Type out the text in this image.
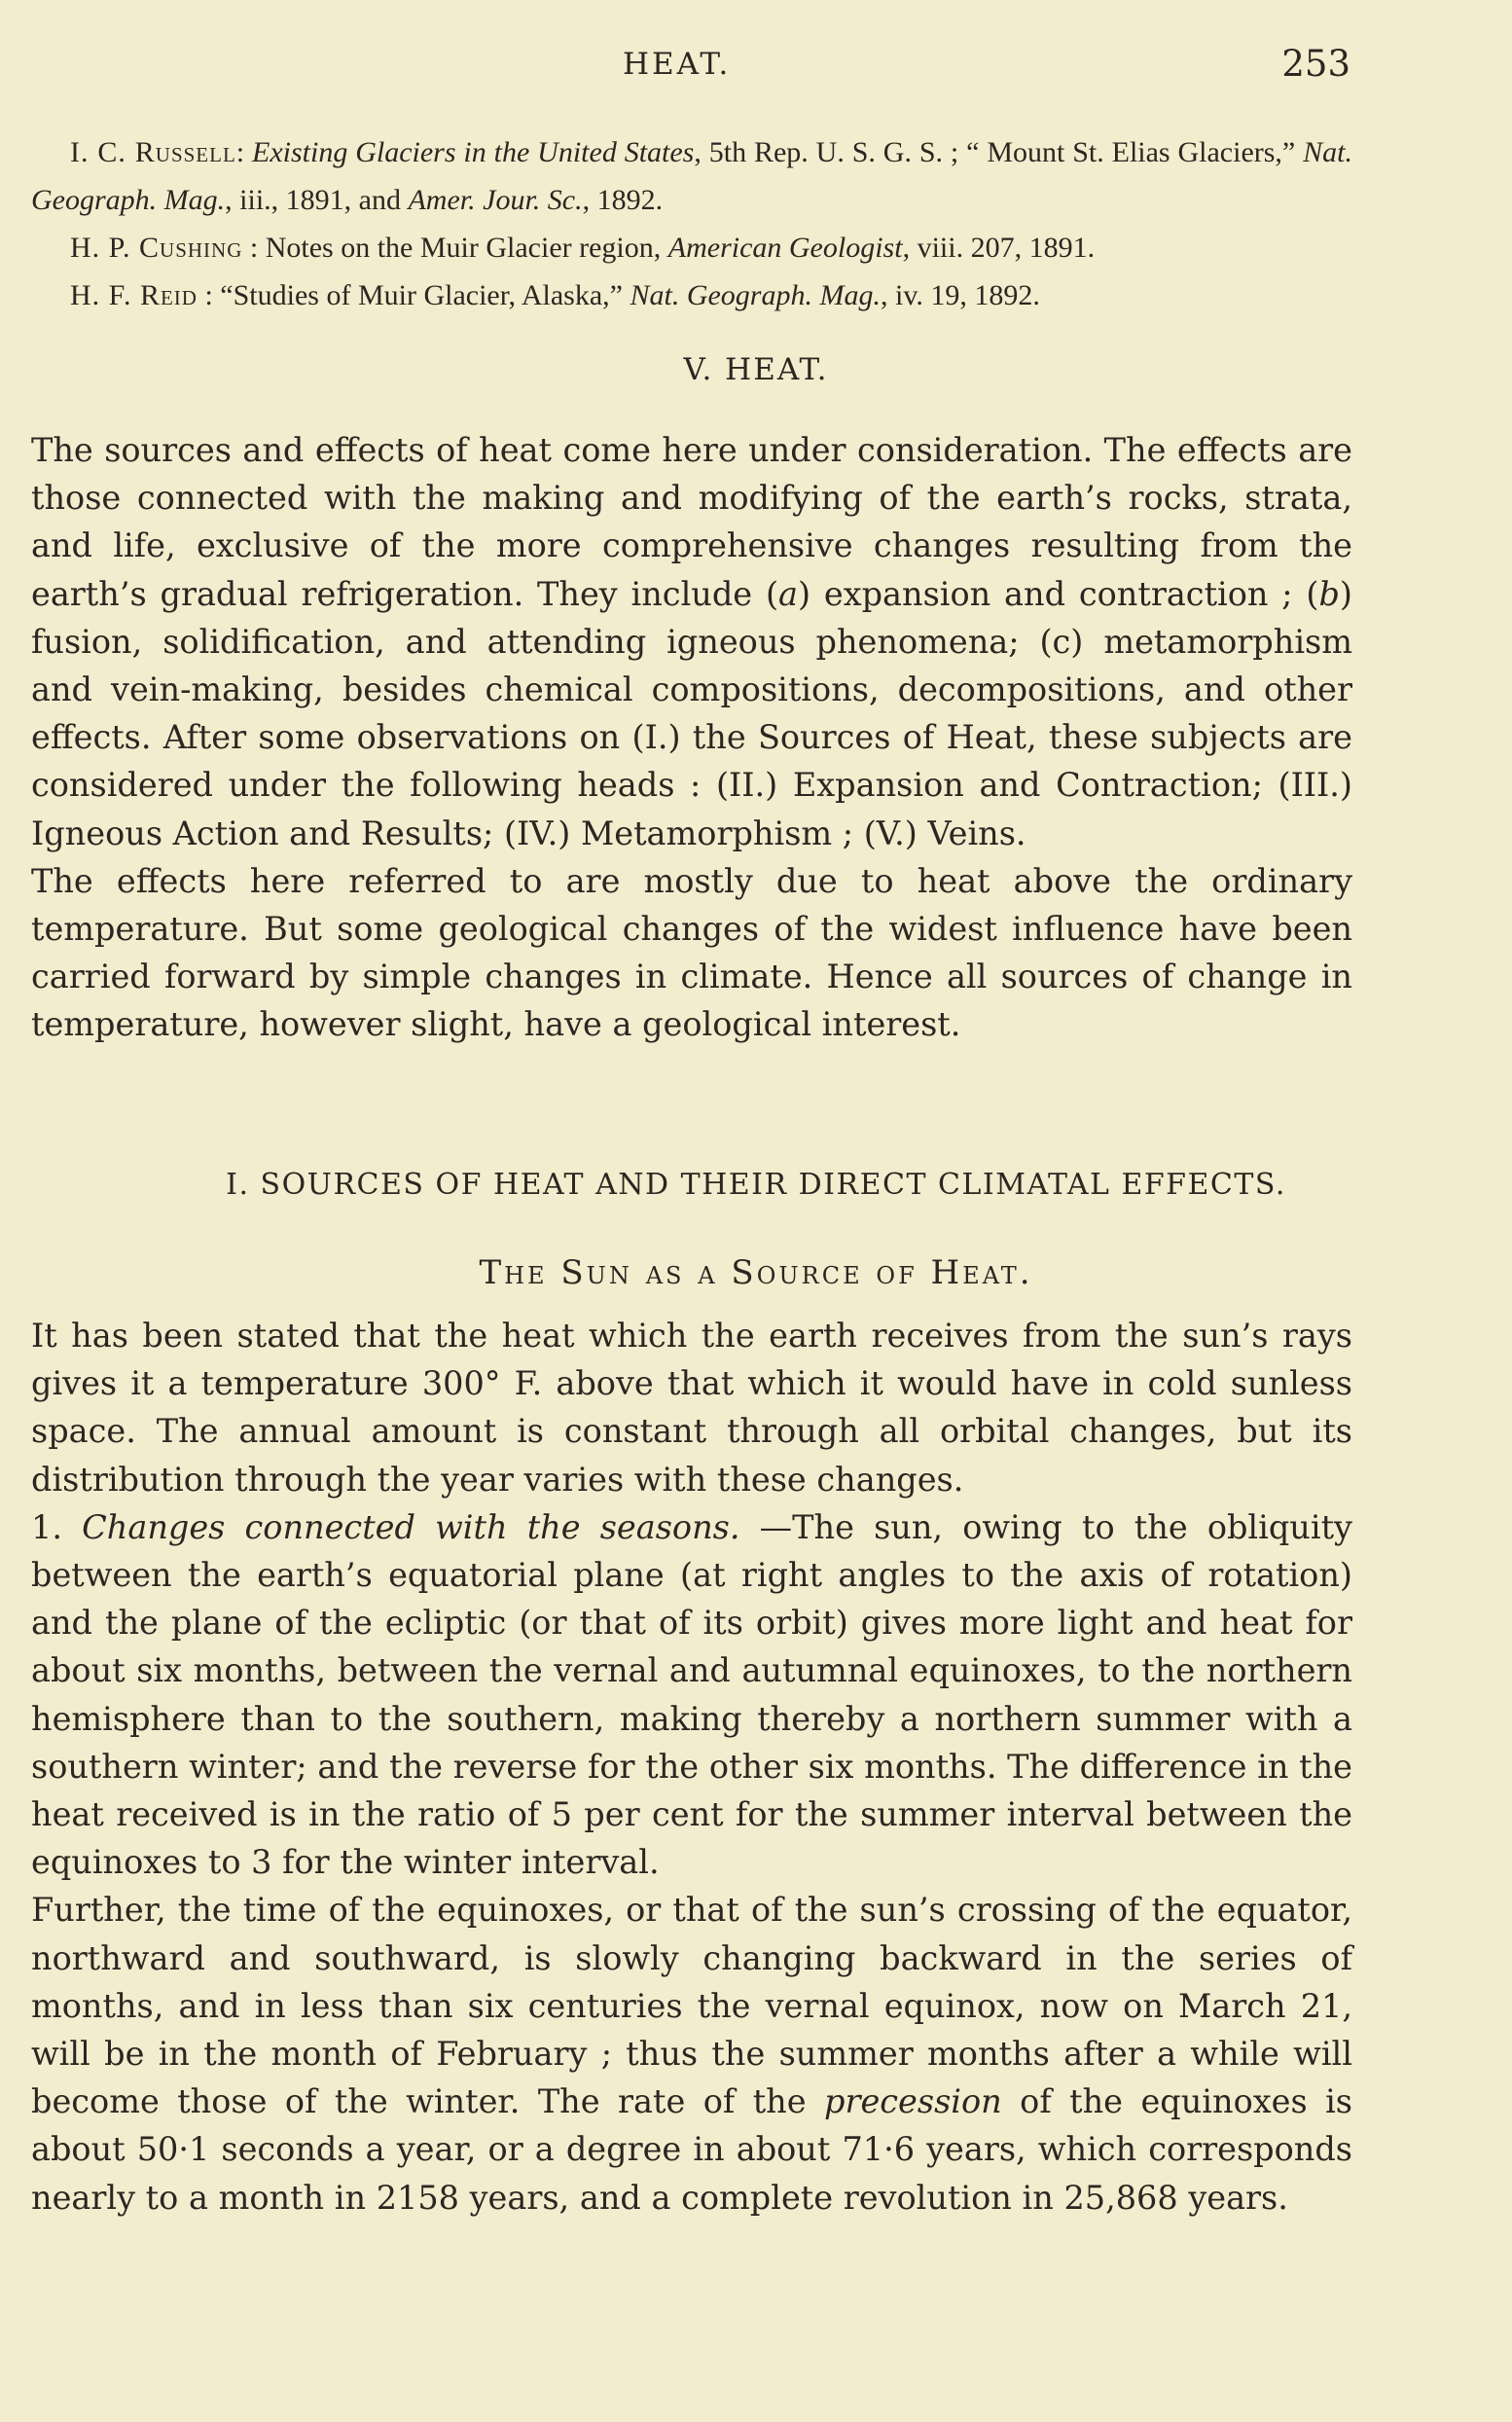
HEAT.	253

I. C. Russell: Existing Glaciers in the United States, 5th Rep. U. S. G. S. ; “ Mount St. Elias Glaciers,” Nat. Geograph. Mag., iii., 1891, and Amer. Jour. Sc., 1892.

H. P. Cushing : Notes on the Muir Glacier region, American Geologist, viii. 207, 1891.

H. F. Reid : “Studies of Muir Glacier, Alaska,” Nat. Geograph. Mag., iv. 19, 1892.

V. HEAT.

The sources and effects of heat come here under consideration. The effects are those connected with the making and modifying of the earth’s rocks, strata, and life, exclusive of the more comprehensive changes resulting from the earth’s gradual refrigeration. They include (a) expansion and contraction ; (b) fusion, solidification, and attending igneous phenomena; (c) metamorphism and vein-making, besides chemical compositions, decompositions, and other effects. After some observations on (I.) the Sources of Heat, these subjects are considered under the following heads : (II.) Expansion and Contraction; (III.) Igneous Action and Results; (IV.) Metamorphism ; (V.) Veins.

The effects here referred to are mostly due to heat above the ordinary temperature. But some geological changes of the widest influence have been carried forward by simple changes in climate. Hence all sources of change in temperature, however slight, have a geological interest.

I. SOURCES OF HEAT AND THEIR DIRECT CLIMATAL EFFECTS.
The Sun as a Source of Heat.

It has been stated that the heat which the earth receives from the sun’s rays gives it a temperature 300° F. above that which it would have in cold sunless space. The annual amount is constant through all orbital changes, but its distribution through the year varies with these changes.

1. Changes connected with the seasons. —The sun, owing to the obliquity between the earth’s equatorial plane (at right angles to the axis of rotation) and the plane of the ecliptic (or that of its orbit) gives more light and heat for about six months, between the vernal and autumnal equinoxes, to the northern hemisphere than to the southern, making thereby a northern summer with a southern winter; and the reverse for the other six months. The difference in the heat received is in the ratio of 5 per cent for the summer interval between the equinoxes to 3 for the winter interval.

Further, the time of the equinoxes, or that of the sun’s crossing of the equator, northward and southward, is slowly changing backward in the series of months, and in less than six centuries the vernal equinox, now on March 21, will be in the month of February ; thus the summer months after a while will become those of the winter. The rate of the precession of the equinoxes is about 50·1 seconds a year, or a degree in about 71·6 years, which corresponds nearly to a month in 2158 years, and a complete revolution in 25,868 years.
